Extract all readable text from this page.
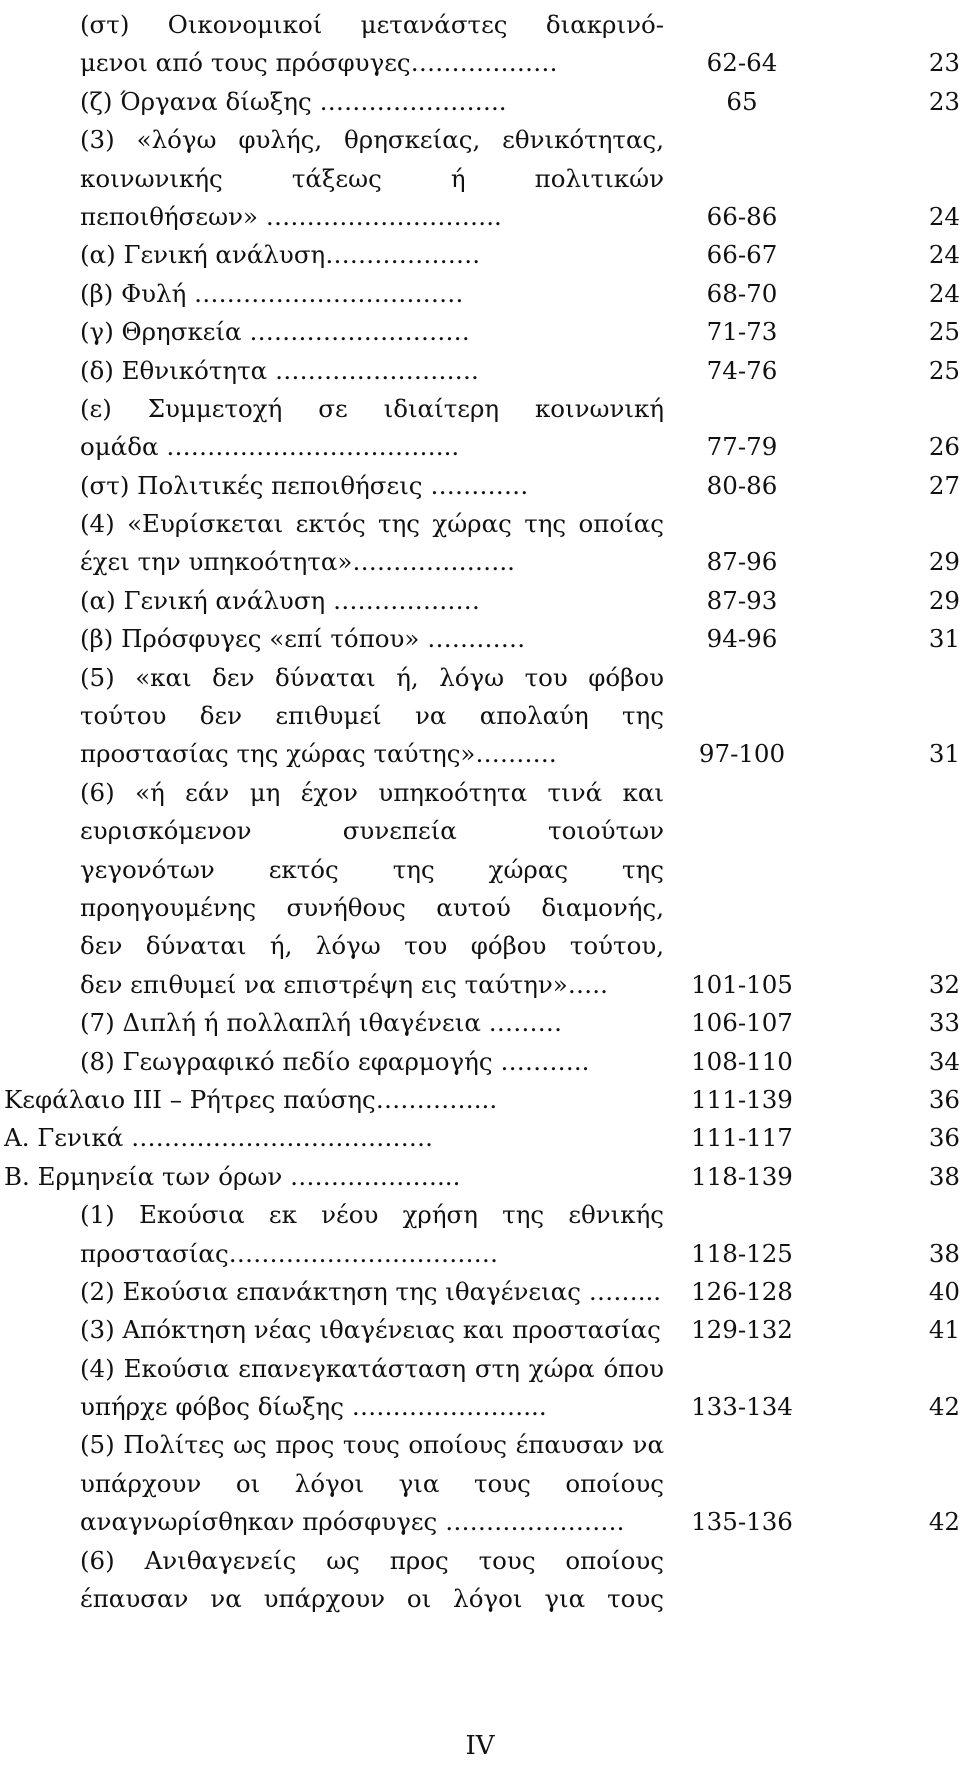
(στ) Οικονομικοί μετανάστες διακρινό-
μενοι από τους πρόσφυγες………………	62-64	23
(ζ) Όργανα δίωξης …………………..	65	23
(3) «λόγω φυλής, θρησκείας, εθνικότητας,
κοινωνικής τάξεως ή πολιτικών
πεποιθήσεων» ………………………..	66-86	24
(α) Γενική ανάλυση……………….	66-67	24
(β) Φυλή ……………………………	68-70	24
(γ) Θρησκεία ………………………	71-73	25
(δ) Εθνικότητα …………………….	74-76	25
(ε) Συμμετοχή σε ιδιαίτερη κοινωνική
ομάδα ……………………………...	77-79	26
(στ) Πολιτικές πεποιθήσεις …………	80-86	27
(4) «Ευρίσκεται εκτός της χώρας της οποίας
έχει την υπηκοότητα»………………..	87-96	29
(α) Γενική ανάλυση ………………	87-93	29
(β) Πρόσφυγες «επί τόπου» …………	94-96	31
(5) «και δεν δύναται ή, λόγω του φόβου
τούτου δεν επιθυμεί να απολαύη της
προστασίας της χώρας ταύτης»……….	97-100	31
(6) «ή εάν μη έχον υπηκοότητα τινά και
ευρισκόμενον συνεπεία τοιούτων
γεγονότων εκτός της χώρας της
προηγουμένης συνήθους αυτού διαμονής,
δεν δύναται ή, λόγω του φόβου τούτου,
δεν επιθυμεί να επιστρέψη εις ταύτην»…..	101-105	32
(7) Διπλή ή πολλαπλή ιθαγένεια ………	106-107	33
(8) Γεωγραφικό πεδίο εφαρμογής ………..	108-110	34
Κεφάλαιο ΙΙΙ – Ρήτρες παύσης…………...	111-139	36
Α. Γενικά ……………………………….	111-117	36
Β. Ερμηνεία των όρων ………………...	118-139	38
(1) Εκούσια εκ νέου χρήση της εθνικής
προστασίας……………………………	118-125	38
(2) Εκούσια επανάκτηση της ιθαγένειας ……... 126-128	40
(3) Απόκτηση νέας ιθαγένειας και προστασίας 129-132	41
(4) Εκούσια επανεγκατάσταση στη χώρα όπου
υπήρχε φόβος δίωξης …………………...	133-134	42
(5) Πολίτες ως προς τους οποίους έπαυσαν να
υπάρχουν οι λόγοι για τους οποίους
αναγνωρίσθηκαν πρόσφυγες ………………….	135-136	42
(6) Ανιθαγενείς ως προς τους οποίους
έπαυσαν να υπάρχουν οι λόγοι για τους
IV
